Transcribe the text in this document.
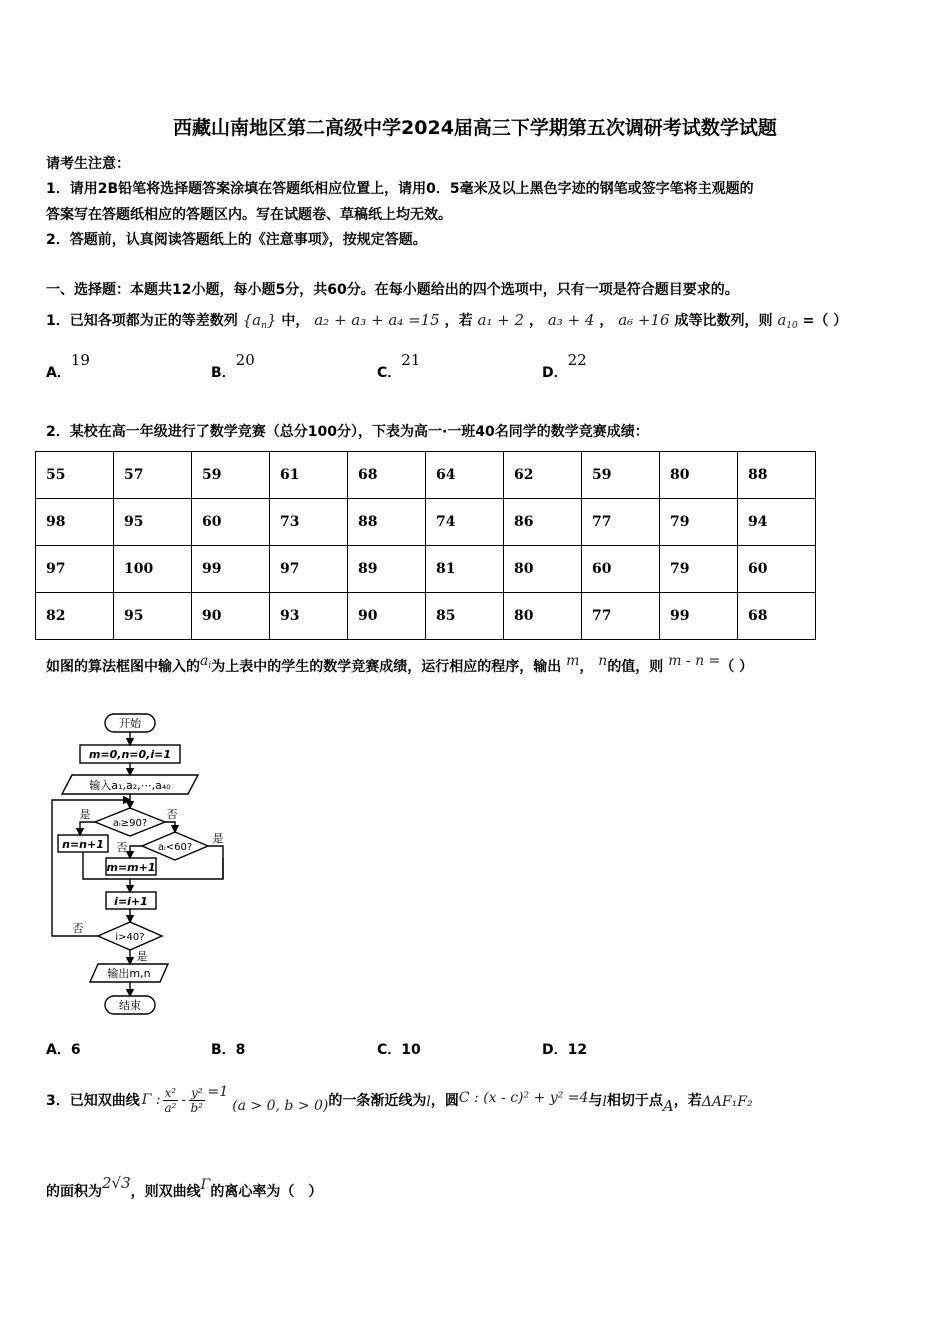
西藏山南地区第二高级中学2024届高三下学期第五次调研考试数学试题
请考生注意：
1．请用2B铅笔将选择题答案涂填在答题纸相应位置上，请用0．5毫米及以上黑色字迹的钢笔或签字笔将主观题的
答案写在答题纸相应的答题区内。写在试题卷、草稿纸上均无效。
2．答题前，认真阅读答题纸上的《注意事项》，按规定答题。
一、选择题：本题共12小题，每小题5分，共60分。在每小题给出的四个选项中，只有一项是符合题目要求的。
1．已知各项都为正的等差数列 $\{a_n\}$ 中， a₂ + a₃ + a₄ =15 ，若 a₁ + 2 ， a₃ + 4 ， a₆ +16 成等比数列，则 $a_{10}$ =（ ）
A．19
B．20
C．21
D．22
2．某校在高一年级进行了数学竞赛（总分100分），下表为高一·一班40名同学的数学竞赛成绩：
55	57	59	61	68	64	62	59	80	88
98	95	60	73	88	74	86	77	79	94
97	100	99	97	89	81	80	60	79	60
82	95	90	93	90	85	80	77	99	68
如图的算法框图中输入的$a_i$为上表中的学生的数学竞赛成绩，运行相应的程序，输出 m， n的值，则 m - n =（ ）
开始
m=0,n=0,i=1
输入a₁,a₂,⋯,a₄₀
aᵢ≥90?
是	否
n=n+1	aᵢ<60?
是
否
m=m+1
i=i+1
i>40?
否
是
输出m,n
结束
A．6	B．8	C．10	D．12
3．已知双曲线 Γ : $\frac{\text{x²}}{\text{a²}} - \frac{\text{y²}}{\text{b²}} =1$
(a > 0, b > 0) 的一条渐近线为 l ，圆 C : (x - c)² + y² =4 与 l 相切于点 A ，若 ΔAF₁F₂
的面积为 2√3 ，则双曲线 Γ 的离心率为（　）
